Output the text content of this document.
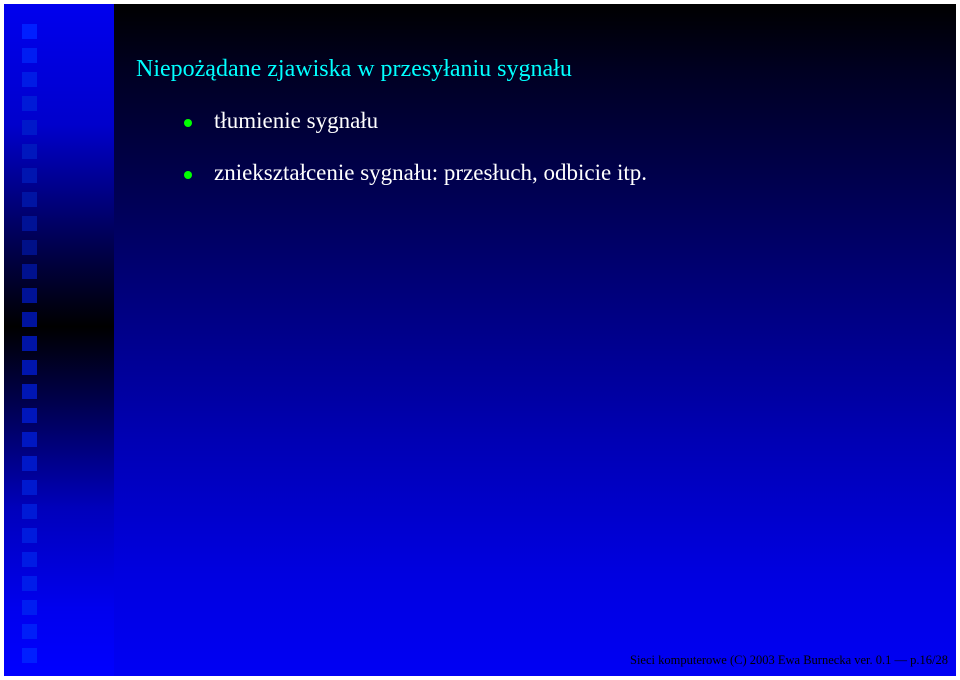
Niepożądane zjawiska w przesyłaniu sygnału
tłumienie sygnału
zniekształcenie sygnału: przesłuch, odbicie itp.
Sieci komputerowe (C) 2003 Ewa Burnecka ver. 0.1 — p.16/28
